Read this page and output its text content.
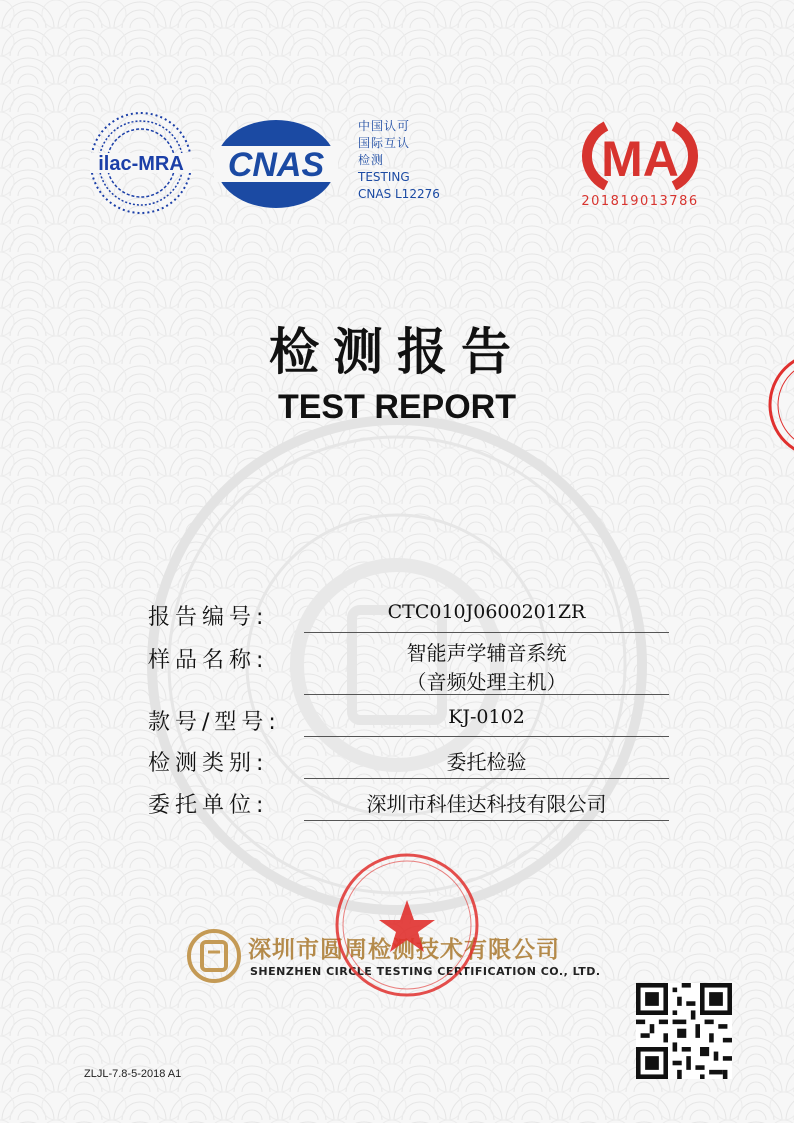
ilac-MRA CNAS
中国认可
国际互认
检测
TESTING
CNAS L12276
MA
201819013786
检测报告
TEST REPORT
报告编号:	CTC010J0600201ZR
样品名称:	智能声学辅音系统
（音频处理主机）
款号/型号:	KJ-0102
检测类别:	委托检验
委托单位:	深圳市科佳达科技有限公司
深圳市圆周检测技术有限公司
SHENZHEN CIRCLE TESTING CERTIFICATION CO., LTD.
ZLJL-7.8-5-2018 A1
